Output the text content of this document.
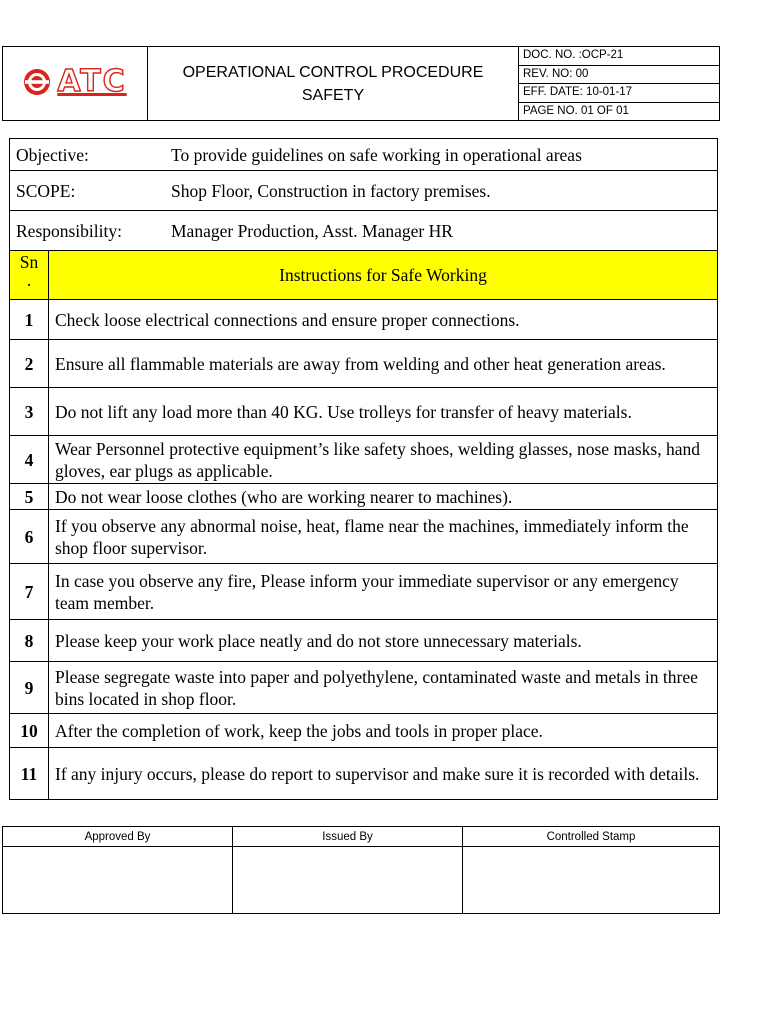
ATC	OPERATIONAL CONTROL PROCEDURE
SAFETY
	DOC. NO. :OCP-21
REV. NO: 00
EFF. DATE: 10-01-17
PAGE NO. 01 OF 01
Objective: To provide guidelines on safe working in operational areas	
SCOPE: Shop Floor, Construction in factory premises.	
Responsibility: Manager Production, Asst. Manager HR	

Sn
.	Instructions for Safe Working
1	Check loose electrical connections and ensure proper connections.
2	Ensure all flammable materials are away from welding and other heat generation areas.
3	Do not lift any load more than 40 KG. Use trolleys for transfer of heavy materials.
4	Wear Personnel protective equipment’s like safety shoes, welding glasses, nose masks, hand gloves, ear plugs as applicable.
5	Do not wear loose clothes (who are working nearer to machines).
6	If you observe any abnormal noise, heat, flame near the machines, immediately inform the shop floor supervisor.
7	In case you observe any fire, Please inform your immediate supervisor or any emergency team member.
8	Please keep your work place neatly and do not store unnecessary materials.
9	Please segregate waste into paper and polyethylene, contaminated waste and metals in three bins located in shop floor.
10	After the completion of work, keep the jobs and tools in proper place.
11	If any injury occurs, please do report to supervisor and make sure it is recorded with details.
Approved By	Issued By	Controlled Stamp
